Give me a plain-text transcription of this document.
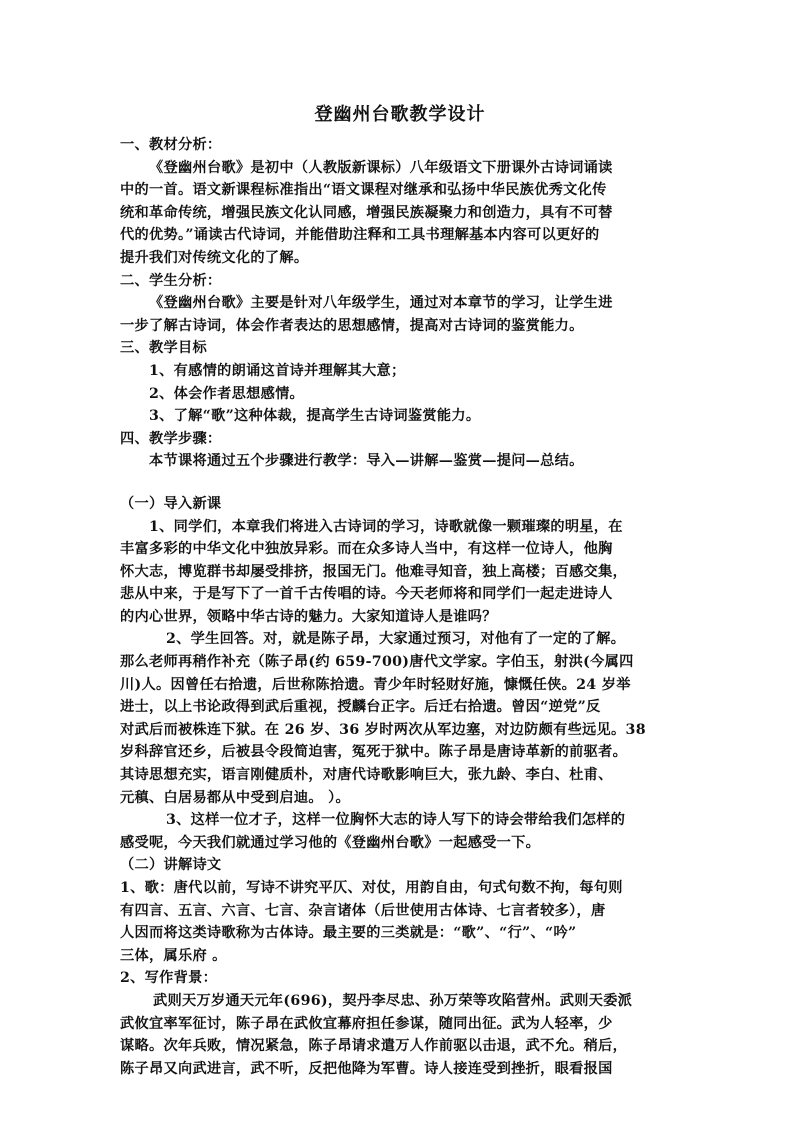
登幽州台歌教学设计
一、教材分析：
《登幽州台歌》是初中（人教版新课标）八年级语文下册课外古诗词诵读
中的一首。语文新课程标准指出“语文课程对继承和弘扬中华民族优秀文化传
统和革命传统，增强民族文化认同感，增强民族凝聚力和创造力，具有不可替
代的优势。”诵读古代诗词，并能借助注释和工具书理解基本内容可以更好的
提升我们对传统文化的了解。
二、学生分析：
《登幽州台歌》主要是针对八年级学生，通过对本章节的学习，让学生进
一步了解古诗词，体会作者表达的思想感情，提高对古诗词的鉴赏能力。
三、教学目标
1、有感情的朗诵这首诗并理解其大意；
2、体会作者思想感情。
3、了解“歌”这种体裁，提高学生古诗词鉴赏能力。
四、教学步骤：
本节课将通过五个步骤进行教学：导入—讲解—鉴赏—提问—总结。
（一）导入新课
1、同学们，本章我们将进入古诗词的学习，诗歌就像一颗璀璨的明星，在
丰富多彩的中华文化中独放异彩。而在众多诗人当中，有这样一位诗人，他胸
怀大志，博览群书却屡受排挤，报国无门。他难寻知音，独上高楼；百感交集，
悲从中来，于是写下了一首千古传唱的诗。今天老师将和同学们一起走进诗人
的内心世界，领略中华古诗的魅力。大家知道诗人是谁吗？
2、学生回答。对，就是陈子昂，大家通过预习，对他有了一定的了解。
那么老师再稍作补充（陈子昂(约 659-700)唐代文学家。字伯玉，射洪(今属四
川)人。因曾任右拾遗，后世称陈拾遗。青少年时轻财好施，慷慨任侠。24 岁举
进士，以上书论政得到武后重视，授麟台正字。后迁右拾遗。曾因“逆党”反
对武后而被株连下狱。在 26 岁、36 岁时两次从军边塞，对边防颇有些远见。38
岁科辞官还乡，后被县令段简迫害，冤死于狱中。陈子昂是唐诗革新的前驱者。
其诗思想充实，语言刚健质朴，对唐代诗歌影响巨大，张九龄、李白、杜甫、
元稹、白居易都从中受到启迪。 ）。
3、这样一位才子，这样一位胸怀大志的诗人写下的诗会带给我们怎样的
感受呢，今天我们就通过学习他的《登幽州台歌》一起感受一下。
（二）讲解诗文
1、歌：唐代以前，写诗不讲究平仄、对仗，用韵自由，句式句数不拘，每句则
有四言、五言、六言、七言、杂言诸体（后世使用古体诗、七言者较多），唐
人因而将这类诗歌称为古体诗。最主要的三类就是：“歌”、“行”、“吟”
三体，属乐府 。
2、写作背景：
武则天万岁通天元年(696)，契丹李尽忠、孙万荣等攻陷营州。武则天委派
武攸宜率军征讨，陈子昂在武攸宜幕府担任参谋，随同出征。武为人轻率，少
谋略。次年兵败，情况紧急，陈子昂请求遣万人作前驱以击退，武不允。稍后，
陈子昂又向武进言，武不听，反把他降为军曹。诗人接连受到挫折，眼看报国
